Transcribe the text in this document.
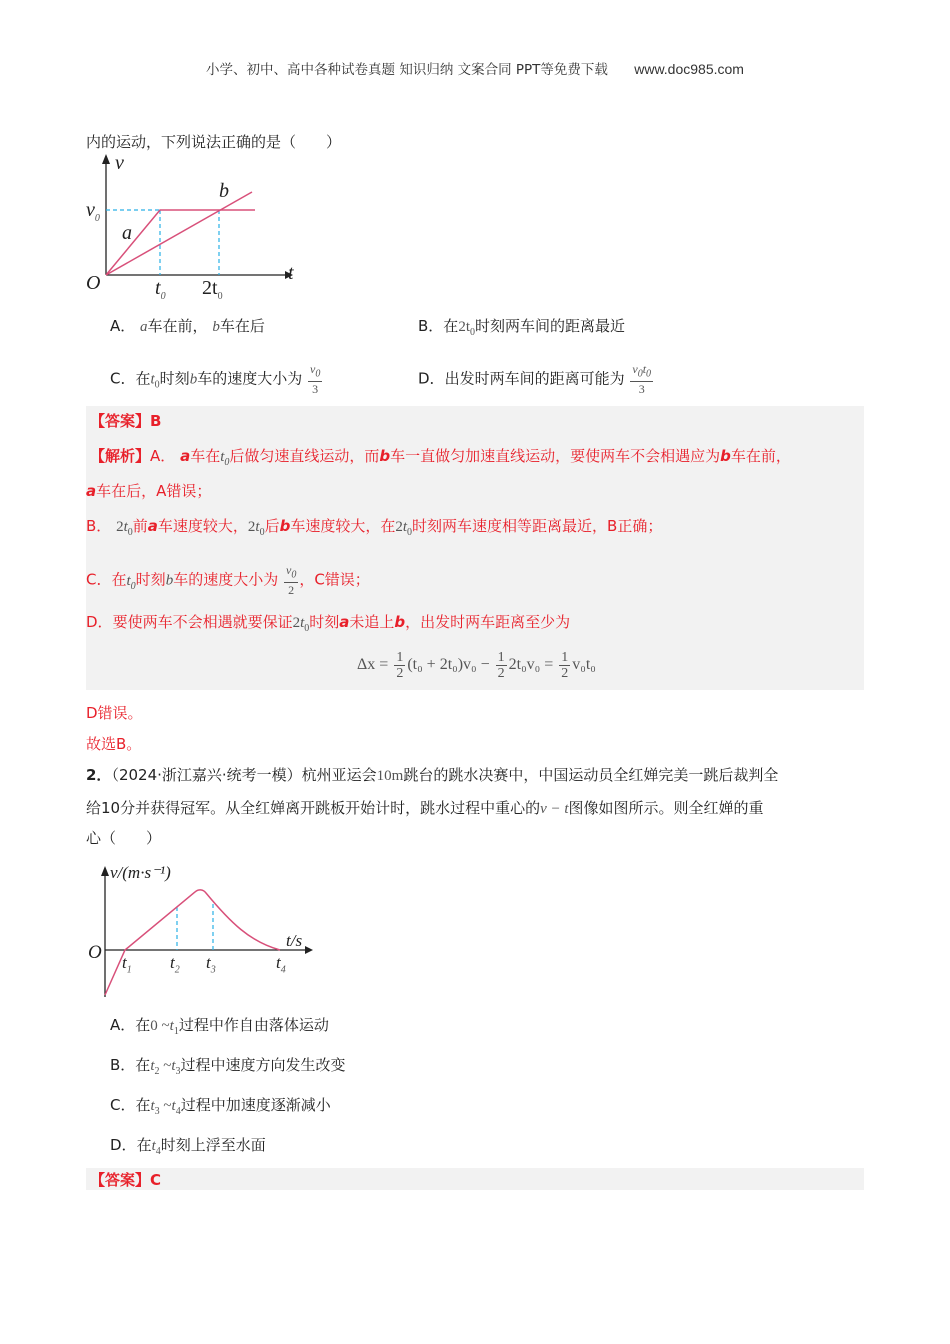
小学、初中、高中各种试卷真题 知识归纳 文案合同 PPT等免费下载 www.doc985.com
内的运动，下列说法正确的是（　　）
v
$v_0$
a
b
O	t
$t_0$ $2t_0$
A． a车在前， b车在后	B．在$2t_0$时刻两车间的距离最近
C．在$t_0$时刻b车的速度大小为 $\frac{v_0}{3}$	D．出发时两车间的距离可能为 $\frac{v_0t_0}{3}$
【答案】B
【解析】A． a车在$t_0$后做匀速直线运动，而b车一直做匀加速直线运动，要使两车不会相遇应为b车在前，
a车在后，A错误；
B． $2t_0$前a车速度较大，$2t_0$后b车速度较大，在$2t_0$时刻两车速度相等距离最近，B正确；
C．在$t_0$时刻b车的速度大小为 $\frac{v_0}{2}$ ，C错误；
D．要使两车不会相遇就要保证$2t_0$时刻a未追上b，出发时两车距离至少为
$\Delta x = \frac{1}{2} (t_0 + 2t_0)v_0 - \frac{1}{2} 2t_0v_0 = \frac{1}{2} v_0t_0$
D错误。
故选B。
2．（2024·浙江嘉兴·统考一模）杭州亚运会10m跳台的跳水决赛中，中国运动员全红婵完美一跳后裁判全
给10分并获得冠军。从全红婵离开跳板开始计时，跳水过程中重心的v − t图像如图所示。则全红婵的重
心（　　）
v/(m·s⁻¹)
t/s
O $t_1$ $t_2$ $t_3$	$t_4$
A．在0 $\sim t_1$过程中作自由落体运动
B．在$t_2$ $\sim t_3$过程中速度方向发生改变
C．在$t_3$ $\sim t_4$过程中加速度逐渐减小
D．在$t_4$时刻上浮至水面
【答案】C
